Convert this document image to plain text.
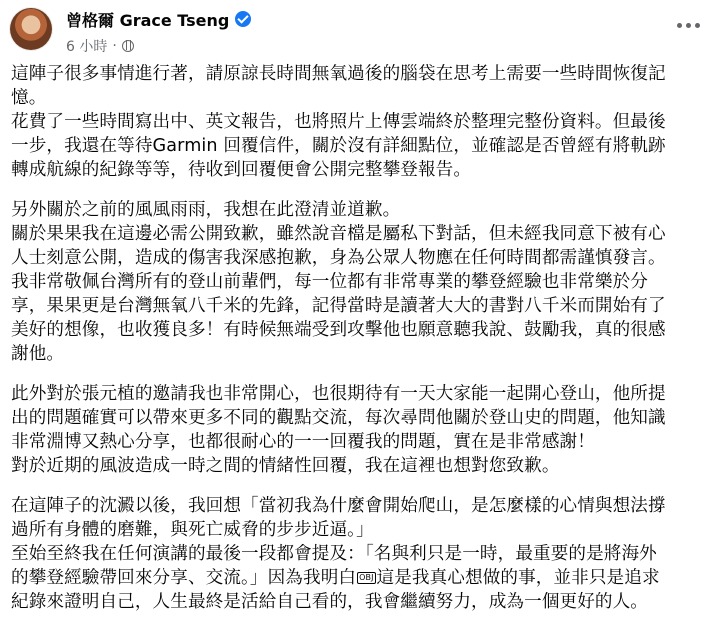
曾格爾 Grace Tseng
6 小時 ·
這陣子很多事情進行著，請原諒長時間無氧過後的腦袋在思考上需要一些時間恢復記
憶。
花費了一些時間寫出中、英文報告，也將照片上傳雲端終於整理完整份資料。但最後
一步，我還在等待Garmin 回覆信件，關於沒有詳細點位，並確認是否曾經有將軌跡
轉成航線的紀錄等等，待收到回覆便會公開完整攀登報告。
另外關於之前的風風雨雨，我想在此澄清並道歉。
關於果果我在這邊必需公開致歉，雖然說音檔是屬私下對話，但未經我同意下被有心
人士刻意公開，造成的傷害我深感抱歉，身為公眾人物應在任何時間都需謹慎發言。
我非常敬佩台灣所有的登山前輩們，每一位都有非常專業的攀登經驗也非常樂於分
享，果果更是台灣無氧八千米的先鋒，記得當時是讀著大大的書對八千米而開始有了
美好的想像，也收獲良多！有時候無端受到攻擊他也願意聽我說、鼓勵我，真的很感
謝他。
此外對於張元植的邀請我也非常開心，也很期待有一天大家能一起開心登山，他所提
出的問題確實可以帶來更多不同的觀點交流，每次尋問他關於登山史的問題，他知識
非常淵博又熱心分享，也都很耐心的一一回覆我的問題，實在是非常感謝！
對於近期的風波造成一時之間的情緒性回覆，我在這裡也想對您致歉。
在這陣子的沈澱以後，我回想「當初我為什麼會開始爬山，是怎麼樣的心情與想法撐
過所有身體的磨難，與死亡威脅的步步近逼。」
至始至終我在任何演講的最後一段都會提及：「名與利只是一時，最重要的是將海外
的攀登經驗帶回來分享、交流。」因為我明白 OBJ 這是我真心想做的事，並非只是追求
紀錄來證明自己，人生最終是活給自己看的，我會繼續努力，成為一個更好的人。
